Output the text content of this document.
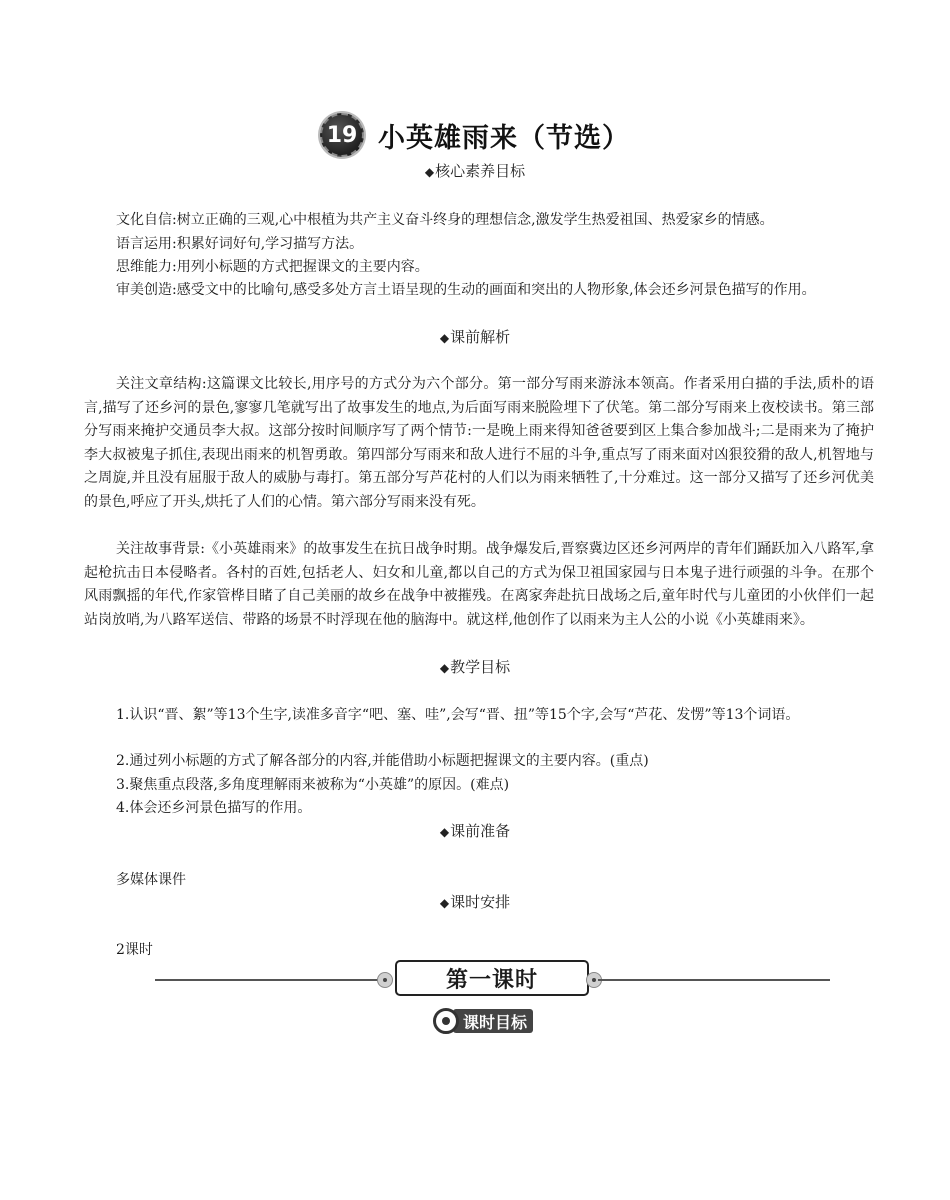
19 小英雄雨来（节选）
◆核心素养目标
文化自信:树立正确的三观,心中根植为共产主义奋斗终身的理想信念,激发学生热爱祖国、热爱家乡的情感。
语言运用:积累好词好句,学习描写方法。
思维能力:用列小标题的方式把握课文的主要内容。
审美创造:感受文中的比喻句,感受多处方言土语呈现的生动的画面和突出的人物形象,体会还乡河景色描写的作用。
◆课前解析
关注文章结构:这篇课文比较长,用序号的方式分为六个部分。第一部分写雨来游泳本领高。作者采用白描的手法,质朴的语言,描写了还乡河的景色,寥寥几笔就写出了故事发生的地点,为后面写雨来脱险埋下了伏笔。第二部分写雨来上夜校读书。第三部分写雨来掩护交通员李大叔。这部分按时间顺序写了两个情节:一是晚上雨来得知爸爸要到区上集合参加战斗;二是雨来为了掩护李大叔被鬼子抓住,表现出雨来的机智勇敢。第四部分写雨来和敌人进行不屈的斗争,重点写了雨来面对凶狠狡猾的敌人,机智地与之周旋,并且没有屈服于敌人的威胁与毒打。第五部分写芦花村的人们以为雨来牺牲了,十分难过。这一部分又描写了还乡河优美的景色,呼应了开头,烘托了人们的心情。第六部分写雨来没有死。
关注故事背景:《小英雄雨来》的故事发生在抗日战争时期。战争爆发后,晋察冀边区还乡河两岸的青年们踊跃加入八路军,拿起枪抗击日本侵略者。各村的百姓,包括老人、妇女和儿童,都以自己的方式为保卫祖国家园与日本鬼子进行顽强的斗争。在那个风雨飘摇的年代,作家管桦目睹了自己美丽的故乡在战争中被摧残。在离家奔赴抗日战场之后,童年时代与儿童团的小伙伴们一起站岗放哨,为八路军送信、带路的场景不时浮现在他的脑海中。就这样,他创作了以雨来为主人公的小说《小英雄雨来》。
◆教学目标
1.认识“晋、絮”等13个生字,读准多音字“吧、塞、哇”,会写“晋、扭”等15个字,会写“芦花、发愣”等13个词语。
2.通过列小标题的方式了解各部分的内容,并能借助小标题把握课文的主要内容。(重点)
3.聚焦重点段落,多角度理解雨来被称为“小英雄”的原因。(难点)
4.体会还乡河景色描写的作用。
◆课前准备
多媒体课件
◆课时安排
2课时
第一课时
课时目标
